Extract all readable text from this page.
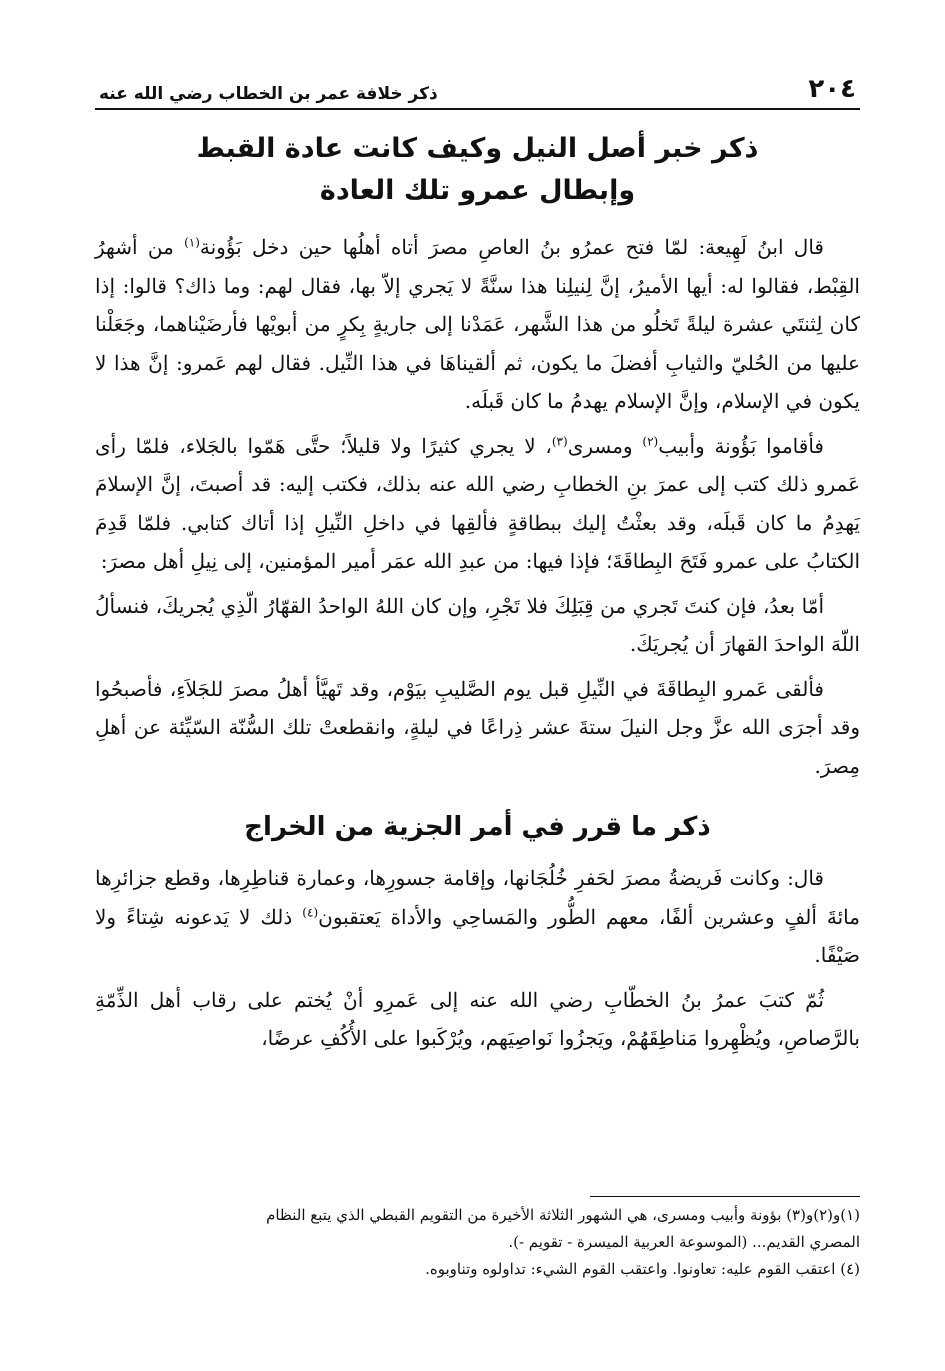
٢٠٤
ذكر خلافة عمر بن الخطاب رضي الله عنه
ذكر خبر أصل النيل وكيف كانت عادة القبط
وإبطال عمرو تلك العادة

قال ابنُ لَهِيعة: لمّا فتح عمرُو بنُ العاصِ مصرَ أتاه أهلُها حين دخل بَؤُونة$^{(١)}$ من أشهرُ القِبْط، فقالوا له: أيها الأميرُ، إنَّ لِنيلِنا هذا سنَّةً لا يَجري إلاّ بها، فقال لهم: وما ذاك؟ قالوا: إذا كان لِثنتَي عشرة ليلةً تَخلُو من هذا الشَّهر، عَمَدْنا إلى جاريةٍ بِكرٍ من أبويْها فأرضَيْناهما، وجَعَلْنا عليها من الحُليّ والثيابِ أفضلَ ما يكون، ثم ألقيناهَا في هذا النِّيل. فقال لهم عَمرو: إنَّ هذا لا يكون في الإسلام، وإنَّ الإسلام يهدمُ ما كان قَبلَه.

فأقاموا بَؤُونة وأبيب$^{(٢)}$ ومسرى$^{(٣)}$، لا يجري كثيرًا ولا قليلاً؛ حتَّى هَمّوا بالجَلاء، فلمّا رأى عَمرو ذلك كتب إلى عمرَ بنِ الخطابِ رضي الله عنه بذلك، فكتب إليه: قد أصبتَ، إنَّ الإسلامَ يَهدِمُ ما كان قَبلَه، وقد بعثْتُ إليك ببطاقةٍ فألقِها في داخلِ النِّيلِ إذا أتاك كتابي. فلمّا قَدِمَ الكتابُ على عمرو فَتَحَ البِطاقَةَ؛ فإذا فيها: من عبدِ الله عمَر أمير المؤمنين، إلى نِيلِ أهل مصرَ:

أمّا بعدُ، فإن كنتَ تَجري من قِبَلِكَ فلا تَجْرِ، وإن كان اللهُ الواحدُ القهّارُ الّذِي يُجريكَ، فنسألُ اللّهَ الواحدَ القهارَ أن يُجريَكَ.

فألقى عَمرو البِطاقَةَ في النِّيلِ قبل يوم الصَّليبِ بيَوْم، وقد تَهيَّأ أهلُ مصرَ للجَلاَءِ، فأصبحُوا وقد أجرَى الله عزَّ وجل النيلَ ستةَ عشر ذِراعًا في ليلةٍ، وانقطعتْ تلك السُّنّة السّيِّئة عن أهلِ مِصرَ.

ذكر ما قرر في أمر الجزية من الخراج

قال: وكانت فَريضةُ مصرَ لحَفرِ خُلُجَانها، وإقامة جسورِها، وعمارة قناطِرِها، وقطع جزائرِها مائةَ ألفٍ وعشرين ألفًا، معهم الطُّور والمَساحِي والأداة يَعتقبون$^{(٤)}$ ذلك لا يَدعونه شِتاءً ولا صَيْفًا.

ثُمّ كتبَ عمرُ بنُ الخطّابِ رضي الله عنه إلى عَمرِو أنْ يُختم على رقاب أهل الذِّمّةِ بالرَّصاصِ، ويُظْهِروا مَناطِقَهُمْ، ويَجزُوا نَواصِيَهم، ويُرْكَبوا على الأُكُفِ عرضًا،

(١)و(٢)و(٣) بؤونة وأبيب ومسرى، هي الشهور الثلاثة الأخيرة من التقويم القبطي الذي يتبع النظام
المصري القديم... (الموسوعة العربية الميسرة - تقويم -).

(٤) اعتقب القوم عليه: تعاونوا. واعتقب القوم الشيء: تداولوه وتناوبوه.
